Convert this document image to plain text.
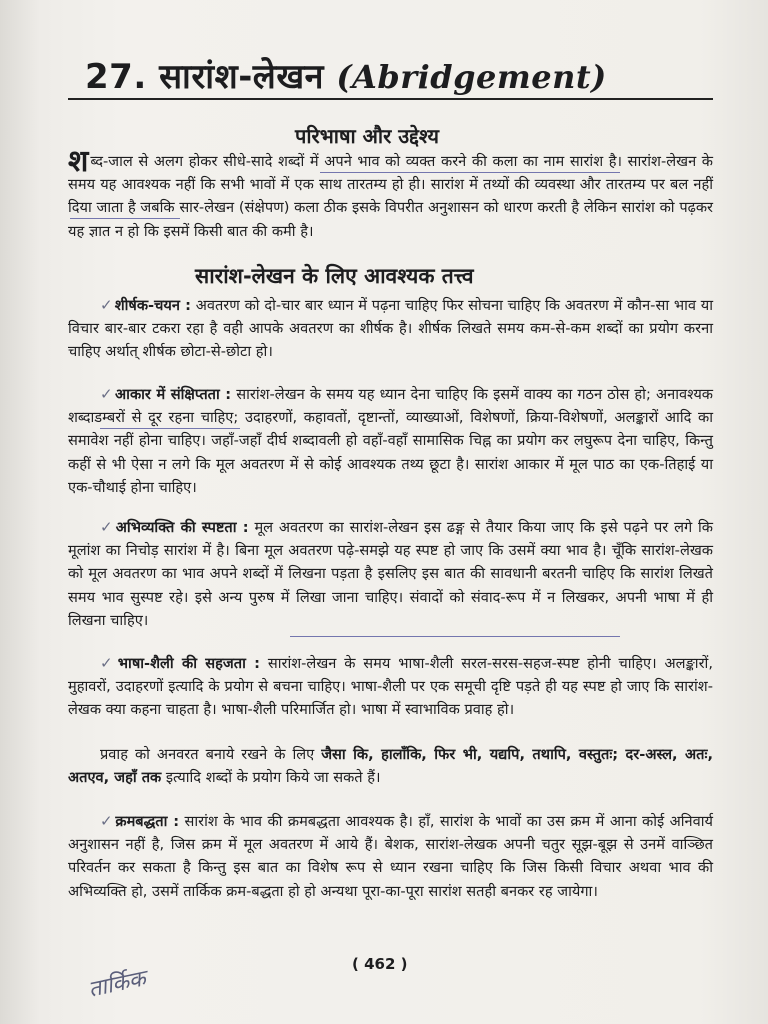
27. सारांश-लेखन (Abridgement)
परिभाषा और उद्देश्य
शब्द-जाल से अलग होकर सीधे-सादे शब्दों में अपने भाव को व्यक्त करने की कला का नाम सारांश है। सारांश-लेखन के समय यह आवश्यक नहीं कि सभी भावों में एक साथ तारतम्य हो ही। सारांश में तथ्यों की व्यवस्था और तारतम्य पर बल नहीं दिया जाता है जबकि सार-लेखन (संक्षेपण) कला ठीक इसके विपरीत अनुशासन को धारण करती है लेकिन सारांश को पढ़कर यह ज्ञात न हो कि इसमें किसी बात की कमी है।
सारांश-लेखन के लिए आवश्यक तत्त्व
✓ शीर्षक-चयन : अवतरण को दो-चार बार ध्यान में पढ़ना चाहिए फिर सोचना चाहिए कि अवतरण में कौन-सा भाव या विचार बार-बार टकरा रहा है वही आपके अवतरण का शीर्षक है। शीर्षक लिखते समय कम-से-कम शब्दों का प्रयोग करना चाहिए अर्थात् शीर्षक छोटा-से-छोटा हो।
✓ आकार में संक्षिप्तता : सारांश-लेखन के समय यह ध्यान देना चाहिए कि इसमें वाक्य का गठन ठोस हो; अनावश्यक शब्दाडम्बरों से दूर रहना चाहिए; उदाहरणों, कहावतों, दृष्टान्तों, व्याख्याओं, विशेषणों, क्रिया-विशेषणों, अलङ्कारों आदि का समावेश नहीं होना चाहिए। जहाँ-जहाँ दीर्घ शब्दावली हो वहाँ-वहाँ सामासिक चिह्न का प्रयोग कर लघुरूप देना चाहिए, किन्तु कहीं से भी ऐसा न लगे कि मूल अवतरण में से कोई आवश्यक तथ्य छूटा है। सारांश आकार में मूल पाठ का एक-तिहाई या एक-चौथाई होना चाहिए।
✓ अभिव्यक्ति की स्पष्टता : मूल अवतरण का सारांश-लेखन इस ढङ्ग से तैयार किया जाए कि इसे पढ़ने पर लगे कि मूलांश का निचोड़ सारांश में है। बिना मूल अवतरण पढ़े-समझे यह स्पष्ट हो जाए कि उसमें क्या भाव है। चूँकि सारांश-लेखक को मूल अवतरण का भाव अपने शब्दों में लिखना पड़ता है इसलिए इस बात की सावधानी बरतनी चाहिए कि सारांश लिखते समय भाव सुस्पष्ट रहे। इसे अन्य पुरुष में लिखा जाना चाहिए। संवादों को संवाद-रूप में न लिखकर, अपनी भाषा में ही लिखना चाहिए।
✓ भाषा-शैली की सहजता : सारांश-लेखन के समय भाषा-शैली सरल-सरस-सहज-स्पष्ट होनी चाहिए। अलङ्कारों, मुहावरों, उदाहरणों इत्यादि के प्रयोग से बचना चाहिए। भाषा-शैली पर एक समूची दृष्टि पड़ते ही यह स्पष्ट हो जाए कि सारांश-लेखक क्या कहना चाहता है। भाषा-शैली परिमार्जित हो। भाषा में स्वाभाविक प्रवाह हो।
प्रवाह को अनवरत बनाये रखने के लिए जैसा कि, हालाँकि, फिर भी, यद्यपि, तथापि, वस्तुतः; दर-अस्ल, अतः, अतएव, जहाँ तक इत्यादि शब्दों के प्रयोग किये जा सकते हैं।
✓ क्रमबद्धता : सारांश के भाव की क्रमबद्धता आवश्यक है। हाँ, सारांश के भावों का उस क्रम में आना कोई अनिवार्य अनुशासन नहीं है, जिस क्रम में मूल अवतरण में आये हैं। बेशक, सारांश-लेखक अपनी चतुर सूझ-बूझ से उनमें वाञ्छित परिवर्तन कर सकता है किन्तु इस बात का विशेष रूप से ध्यान रखना चाहिए कि जिस किसी विचार अथवा भाव की अभिव्यक्ति हो, उसमें तार्किक क्रम-बद्धता हो हो अन्यथा पूरा-का-पूरा सारांश सतही बनकर रह जायेगा।
( 462 )
तार्किक
